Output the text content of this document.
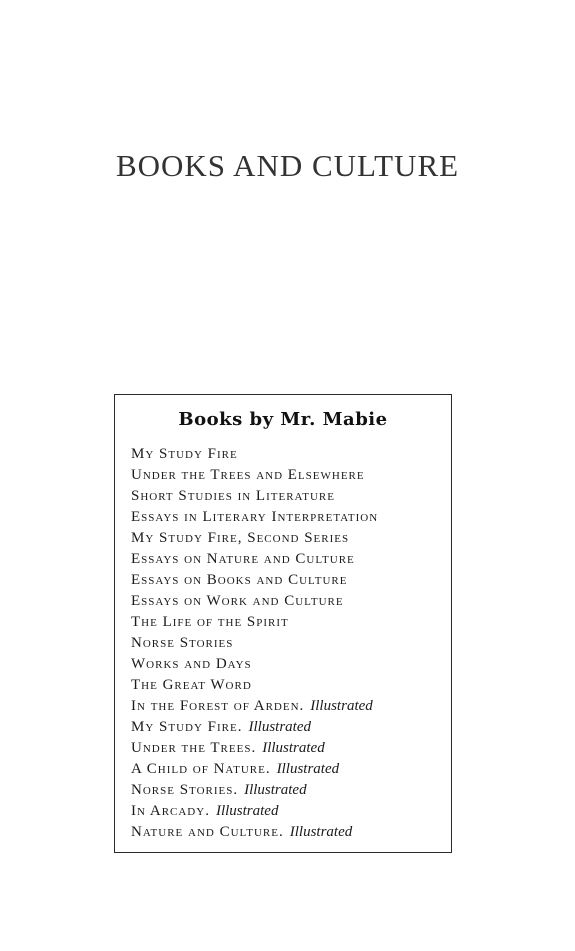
BOOKS AND CULTURE
Books by Mr. Mabie
My Study Fire
Under the Trees and Elsewhere
Short Studies in Literature
Essays in Literary Interpretation
My Study Fire, Second Series
Essays on Nature and Culture
Essays on Books and Culture
Essays on Work and Culture
The Life of the Spirit
Norse Stories
Works and Days
The Great Word
In the Forest of Arden. Illustrated
My Study Fire. Illustrated
Under the Trees. Illustrated
A Child of Nature. Illustrated
Norse Stories. Illustrated
In Arcady. Illustrated
Nature and Culture. Illustrated
